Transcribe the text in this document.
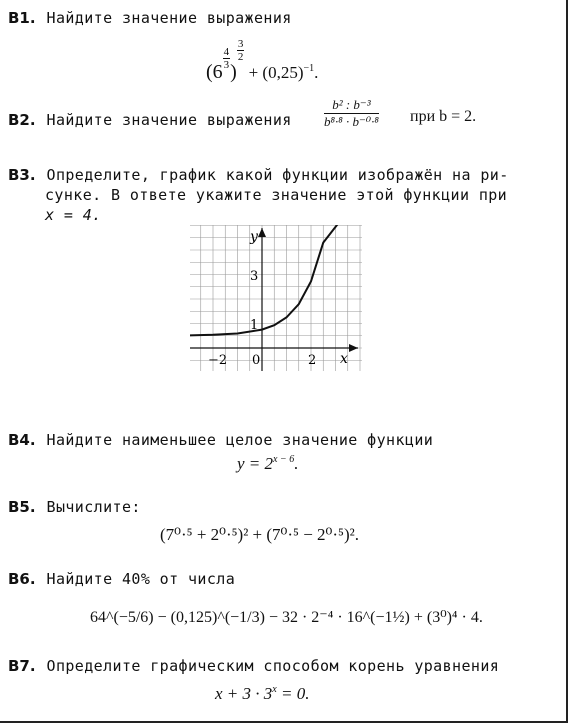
B1. Найдите значение выражения
(6
$\frac{4}{3}$
)
$\frac{3}{2}$
+ $(0,25)^{-1}$.
B2. Найдите значение выражения	$\frac{\text{b² : b⁻³}}{\text{b⁸·⁸ · b⁻⁰·⁸}}$ при b = 2.
B3. Определите, график какой функции изображён на ри-
сунке. В ответе укажите значение этой функции при
x = 4.
x
y
−2 0	2
1
3
B4. Найдите наименьшее целое значение функции
$y = 2^{x - 6}$.
B5. Вычислите:
(7⁰·⁵ + 2⁰·⁵)² + (7⁰·⁵ − 2⁰·⁵)².
B6. Найдите 40% от числа
64^(−5/6) − (0,125)^(−1/3) − 32 · 2⁻⁴ · 16^(−1½) + (3⁰)⁴ · 4.
B7. Определите графическим способом корень уравнения
$x + 3 \cdot 3^x = 0$.
